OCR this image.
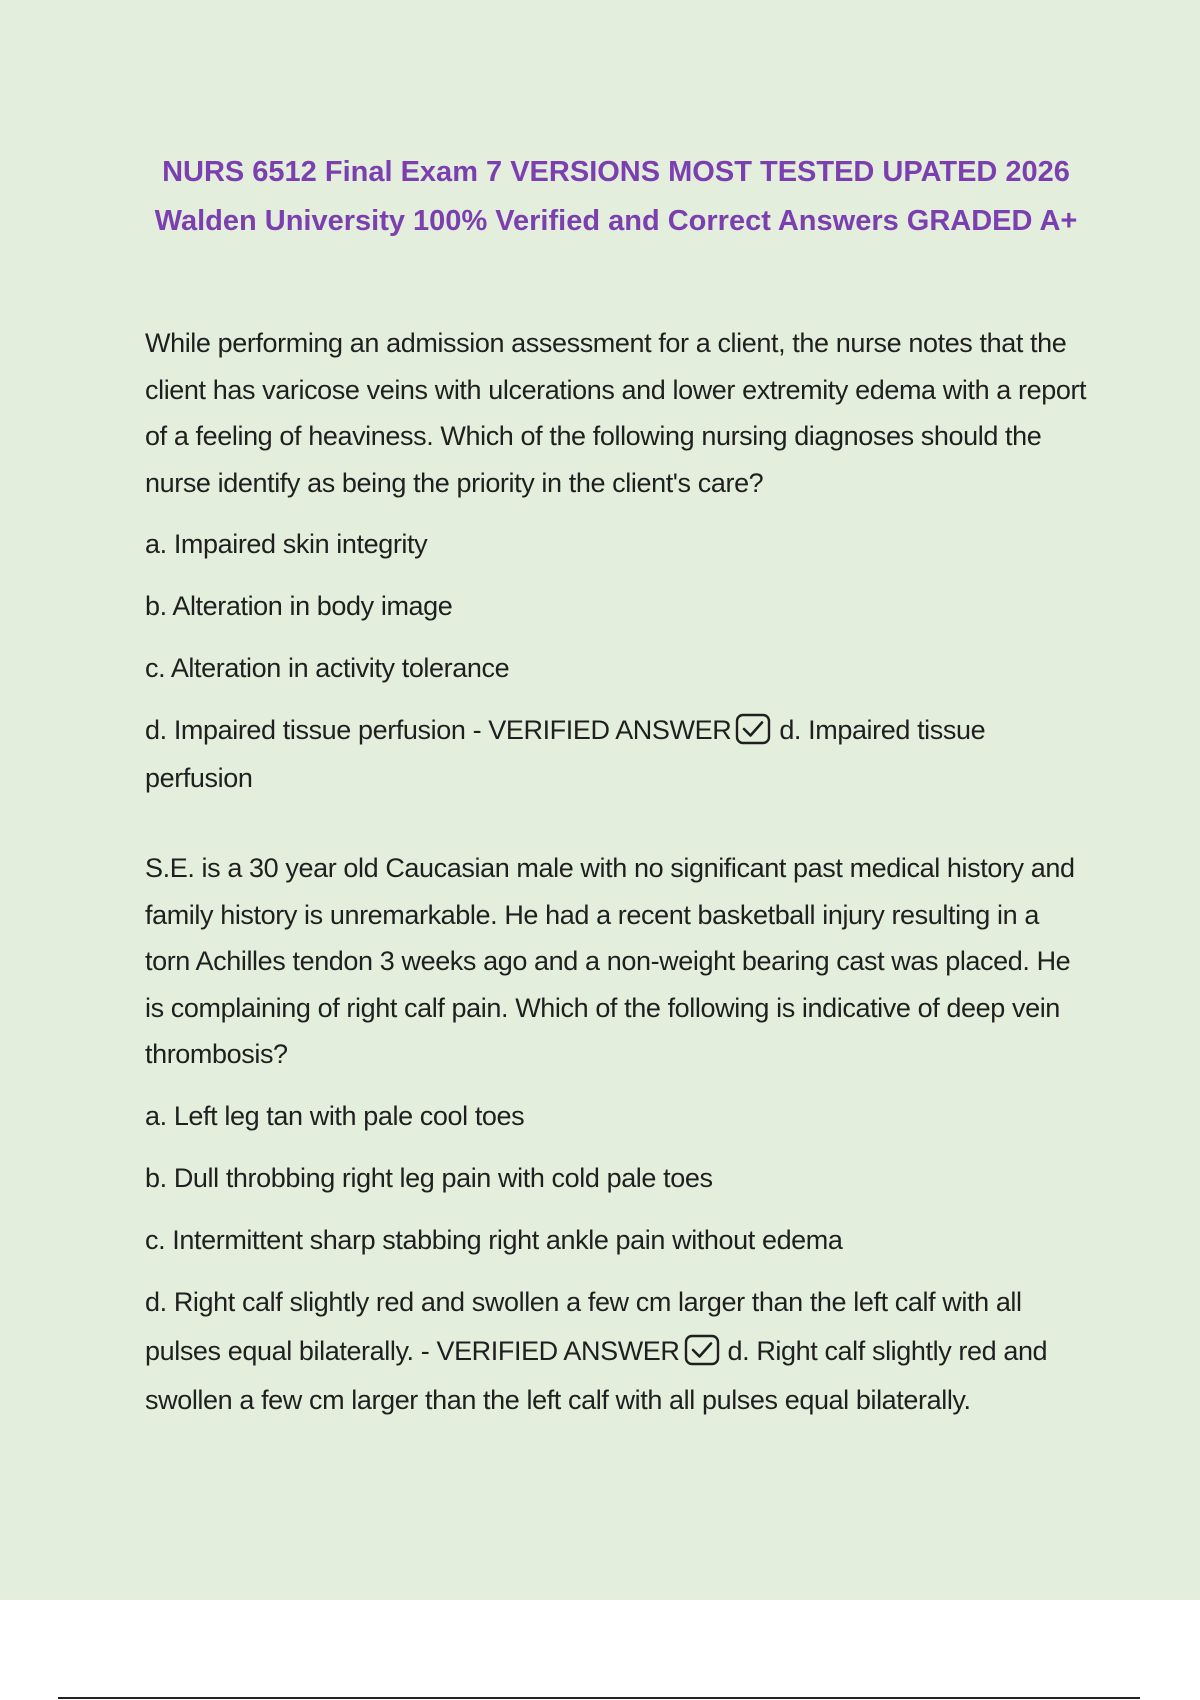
NURS 6512 Final Exam 7 VERSIONS MOST TESTED UPATED 2026
Walden University 100% Verified and Correct Answers GRADED A+

While performing an admission assessment for a client, the nurse notes that the client has varicose veins with ulcerations and lower extremity edema with a report of a feeling of heaviness. Which of the following nursing diagnoses should the nurse identify as being the priority in the client's care?

a. Impaired skin integrity
b. Alteration in body image
c. Alteration in activity tolerance
d. Impaired tissue perfusion - VERIFIED ANSWER d. Impaired tissue perfusion

S.E. is a 30 year old Caucasian male with no significant past medical history and family history is unremarkable. He had a recent basketball injury resulting in a torn Achilles tendon 3 weeks ago and a non-weight bearing cast was placed. He is complaining of right calf pain. Which of the following is indicative of deep vein thrombosis?

a. Left leg tan with pale cool toes
b. Dull throbbing right leg pain with cold pale toes
c. Intermittent sharp stabbing right ankle pain without edema
d. Right calf slightly red and swollen a few cm larger than the left calf with all pulses equal bilaterally. - VERIFIED ANSWER d. Right calf slightly red and swollen a few cm larger than the left calf with all pulses equal bilaterally.
